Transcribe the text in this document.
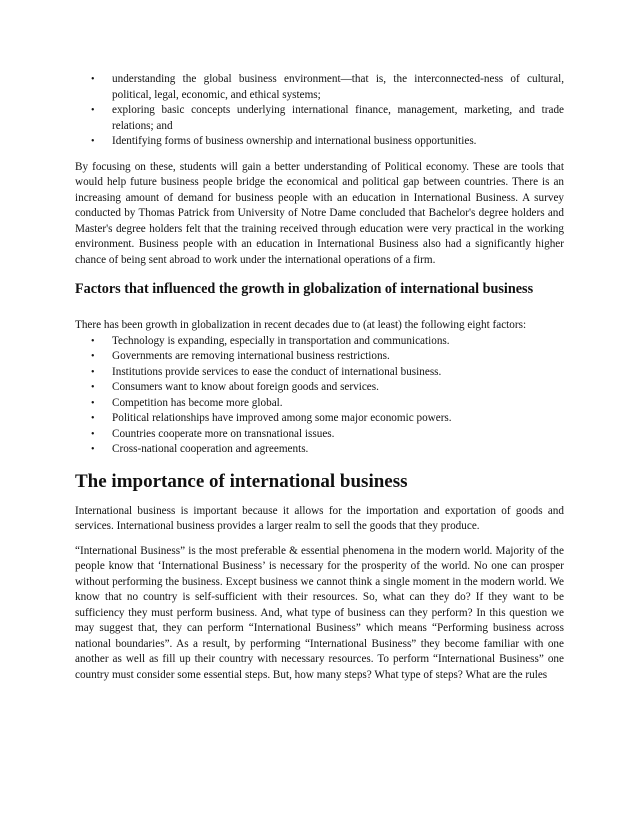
• understanding the global business environment—that is, the interconnected-ness of cultural, political, legal, economic, and ethical systems;
• exploring basic concepts underlying international finance, management, marketing, and trade relations; and
• Identifying forms of business ownership and international business opportunities.

By focusing on these, students will gain a better understanding of Political economy. These are tools that would help future business people bridge the economical and political gap between countries. There is an increasing amount of demand for business people with an education in International Business. A survey conducted by Thomas Patrick from University of Notre Dame concluded that Bachelor's degree holders and Master's degree holders felt that the training received through education were very practical in the working environment. Business people with an education in International Business also had a significantly higher chance of being sent abroad to work under the international operations of a firm.

Factors that influenced the growth in globalization of international business

There has been growth in globalization in recent decades due to (at least) the following eight factors:

• Technology is expanding, especially in transportation and communications.
• Governments are removing international business restrictions.
• Institutions provide services to ease the conduct of international business.
• Consumers want to know about foreign goods and services.
• Competition has become more global.
• Political relationships have improved among some major economic powers.
• Countries cooperate more on transnational issues.
• Cross-national cooperation and agreements.
The importance of international business

International business is important because it allows for the importation and exportation of goods and services. International business provides a larger realm to sell the goods that they produce.

“International Business” is the most preferable & essential phenomena in the modern world. Majority of the people know that ‘International Business’ is necessary for the prosperity of the world. No one can prosper without performing the business. Except business we cannot think a single moment in the modern world. We know that no country is self-sufficient with their resources. So, what can they do? If they want to be sufficiency they must perform business. And, what type of business can they perform? In this question we may suggest that, they can perform “International Business” which means “Performing business across national boundaries”. As a result, by performing “International Business” they become familiar with one another as well as fill up their country with necessary resources. To perform “International Business” one country must consider some essential steps. But, how many steps? What type of steps? What are the rules
